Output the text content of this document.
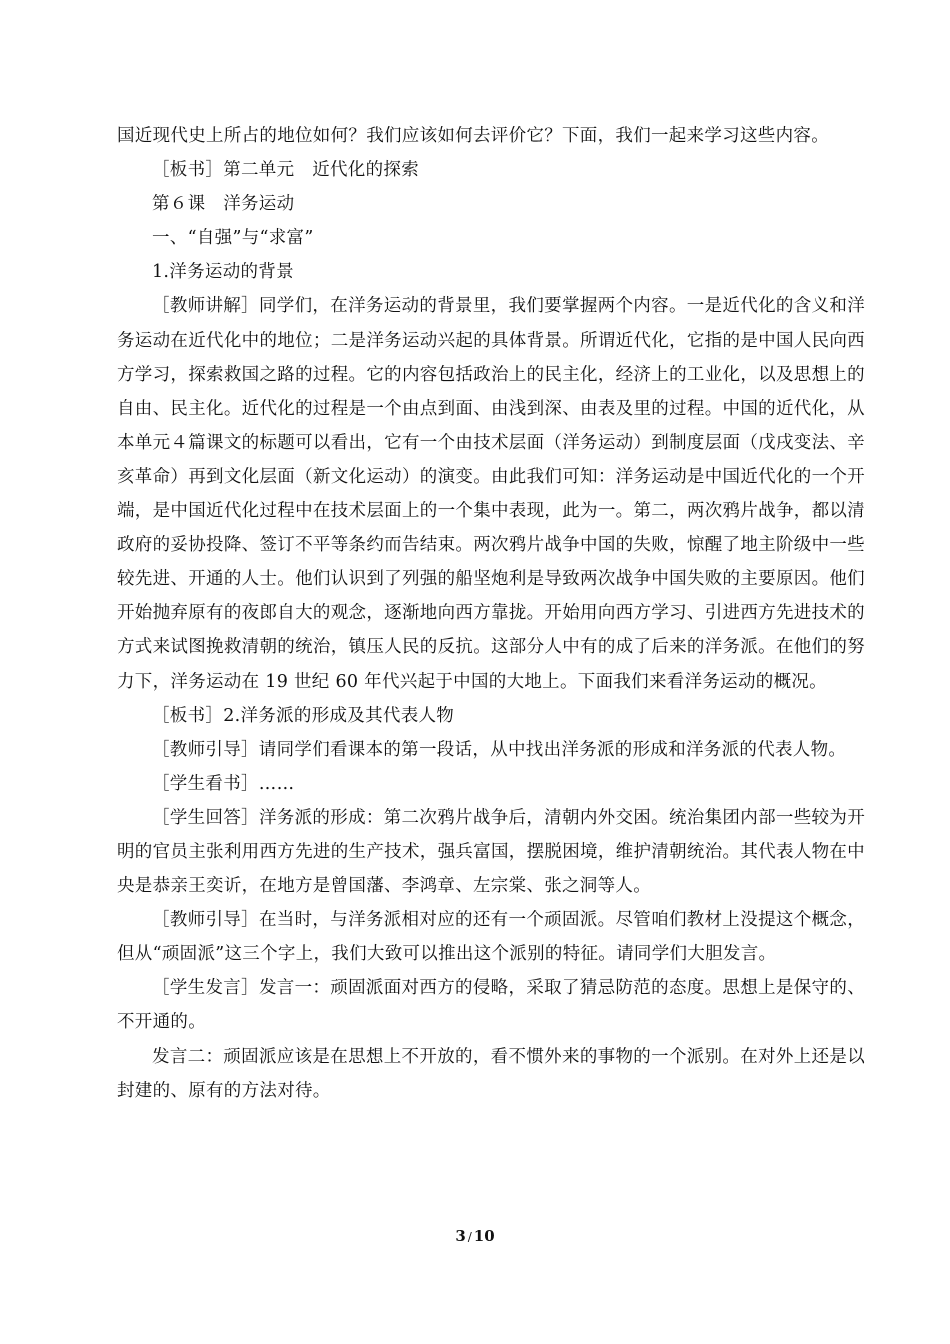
国近现代史上所占的地位如何？我们应该如何去评价它？下面，我们一起来学习这些内容。

［板书］第二单元　近代化的探索

第６课　洋务运动

一、“自强”与“求富”

1.洋务运动的背景

［教师讲解］同学们，在洋务运动的背景里，我们要掌握两个内容。一是近代化的含义和洋务运动在近代化中的地位；二是洋务运动兴起的具体背景。所谓近代化，它指的是中国人民向西方学习，探索救国之路的过程。它的内容包括政治上的民主化，经济上的工业化，以及思想上的自由、民主化。近代化的过程是一个由点到面、由浅到深、由表及里的过程。中国的近代化，从本单元４篇课文的标题可以看出，它有一个由技术层面（洋务运动）到制度层面（戊戌变法、辛亥革命）再到文化层面（新文化运动）的演变。由此我们可知：洋务运动是中国近代化的一个开端，是中国近代化过程中在技术层面上的一个集中表现，此为一。第二，两次鸦片战争，都以清政府的妥协投降、签订不平等条约而告结束。两次鸦片战争中国的失败，惊醒了地主阶级中一些较先进、开通的人士。他们认识到了列强的船坚炮利是导致两次战争中国失败的主要原因。他们开始抛弃原有的夜郎自大的观念，逐渐地向西方靠拢。开始用向西方学习、引进西方先进技术的方式来试图挽救清朝的统治，镇压人民的反抗。这部分人中有的成了后来的洋务派。在他们的努力下，洋务运动在 19 世纪 60 年代兴起于中国的大地上。下面我们来看洋务运动的概况。

［板书］2.洋务派的形成及其代表人物

［教师引导］请同学们看课本的第一段话，从中找出洋务派的形成和洋务派的代表人物。

［学生看书］……

［学生回答］洋务派的形成：第二次鸦片战争后，清朝内外交困。统治集团内部一些较为开明的官员主张利用西方先进的生产技术，强兵富国，摆脱困境，维护清朝统治。其代表人物在中央是恭亲王奕䜣，在地方是曾国藩、李鸿章、左宗棠、张之洞等人。

［教师引导］在当时，与洋务派相对应的还有一个顽固派。尽管咱们教材上没提这个概念，但从“顽固派”这三个字上，我们大致可以推出这个派别的特征。请同学们大胆发言。

［学生发言］发言一：顽固派面对西方的侵略，采取了猜忌防范的态度。思想上是保守的、不开通的。

发言二：顽固派应该是在思想上不开放的，看不惯外来的事物的一个派别。在对外上还是以封建的、原有的方法对待。

3 / 10
